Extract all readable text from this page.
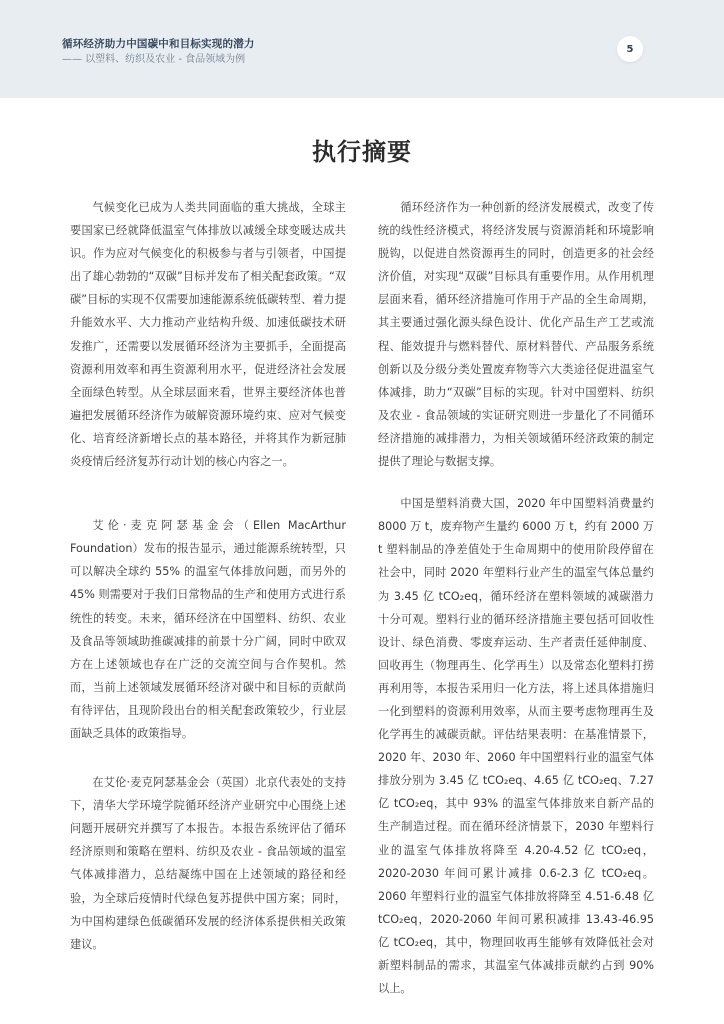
循环经济助力中国碳中和目标实现的潜力
—— 以塑料、纺织及农业 - 食品领域为例
5
执行摘要

气候变化已成为人类共同面临的重大挑战，全球主要国家已经就降低温室气体排放以减缓全球变暖达成共识。作为应对气候变化的积极参与者与引领者，中国提出了雄心勃勃的“双碳”目标并发布了相关配套政策。“双碳”目标的实现不仅需要加速能源系统低碳转型、着力提升能效水平、大力推动产业结构升级、加速低碳技术研发推广，还需要以发展循环经济为主要抓手，全面提高资源利用效率和再生资源利用水平，促进经济社会发展全面绿色转型。从全球层面来看，世界主要经济体也普遍把发展循环经济作为破解资源环境约束、应对气候变化、培育经济新增长点的基本路径，并将其作为新冠肺炎疫情后经济复苏行动计划的核心内容之一。

艾伦·麦克阿瑟基金会（Ellen MacArthur Foundation）发布的报告显示，通过能源系统转型，只可以解决全球约 55% 的温室气体排放问题，而另外的 45% 则需要对于我们日常物品的生产和使用方式进行系统性的转变。未来，循环经济在中国塑料、纺织、农业及食品等领域助推碳减排的前景十分广阔，同时中欧双方在上述领域也存在广泛的交流空间与合作契机。然而，当前上述领域发展循环经济对碳中和目标的贡献尚有待评估，且现阶段出台的相关配套政策较少，行业层面缺乏具体的政策指导。

在艾伦·麦克阿瑟基金会（英国）北京代表处的支持下，清华大学环境学院循环经济产业研究中心围绕上述问题开展研究并撰写了本报告。本报告系统评估了循环经济原则和策略在塑料、纺织及农业 - 食品领域的温室气体减排潜力，总结凝练中国在上述领域的路径和经验，为全球后疫情时代绿色复苏提供中国方案；同时，为中国构建绿色低碳循环发展的经济体系提供相关政策建议。

循环经济作为一种创新的经济发展模式，改变了传统的线性经济模式，将经济发展与资源消耗和环境影响脱钩，以促进自然资源再生的同时，创造更多的社会经济价值，对实现“双碳”目标具有重要作用。从作用机理层面来看，循环经济措施可作用于产品的全生命周期，其主要通过强化源头绿色设计、优化产品生产工艺或流程、能效提升与燃料替代、原材料替代、产品服务系统创新以及分级分类处置废弃物等六大类途径促进温室气体减排，助力“双碳”目标的实现。针对中国塑料、纺织及农业 - 食品领域的实证研究则进一步量化了不同循环经济措施的减排潜力，为相关领域循环经济政策的制定提供了理论与数据支撑。

中国是塑料消费大国，2020 年中国塑料消费量约 8000 万 t，废弃物产生量约 6000 万 t，约有 2000 万 t 塑料制品的净差值处于生命周期中的使用阶段停留在社会中，同时 2020 年塑料行业产生的温室气体总量约为 3.45 亿 tCO₂eq，循环经济在塑料领域的减碳潜力十分可观。塑料行业的循环经济措施主要包括可回收性设计、绿色消费、零废弃运动、生产者责任延伸制度、回收再生（物理再生、化学再生）以及常态化塑料打捞再利用等，本报告采用归一化方法，将上述具体措施归一化到塑料的资源利用效率，从而主要考虑物理再生及化学再生的减碳贡献。评估结果表明：在基准情景下，2020 年、2030 年、2060 年中国塑料行业的温室气体排放分别为 3.45 亿 tCO₂eq、4.65 亿 tCO₂eq、7.27 亿 tCO₂eq，其中 93% 的温室气体排放来自新产品的生产制造过程。而在循环经济情景下，2030 年塑料行业的温室气体排放将降至 4.20-4.52 亿 tCO₂eq，2020-2030 年间可累计减排 0.6-2.3 亿 tCO₂eq。2060 年塑料行业的温室气体排放将降至 4.51-6.48 亿 tCO₂eq，2020-2060 年间可累积减排 13.43-46.95 亿 tCO₂eq，其中，物理回收再生能够有效降低社会对新塑料制品的需求，其温室气体减排贡献约占到 90% 以上。
